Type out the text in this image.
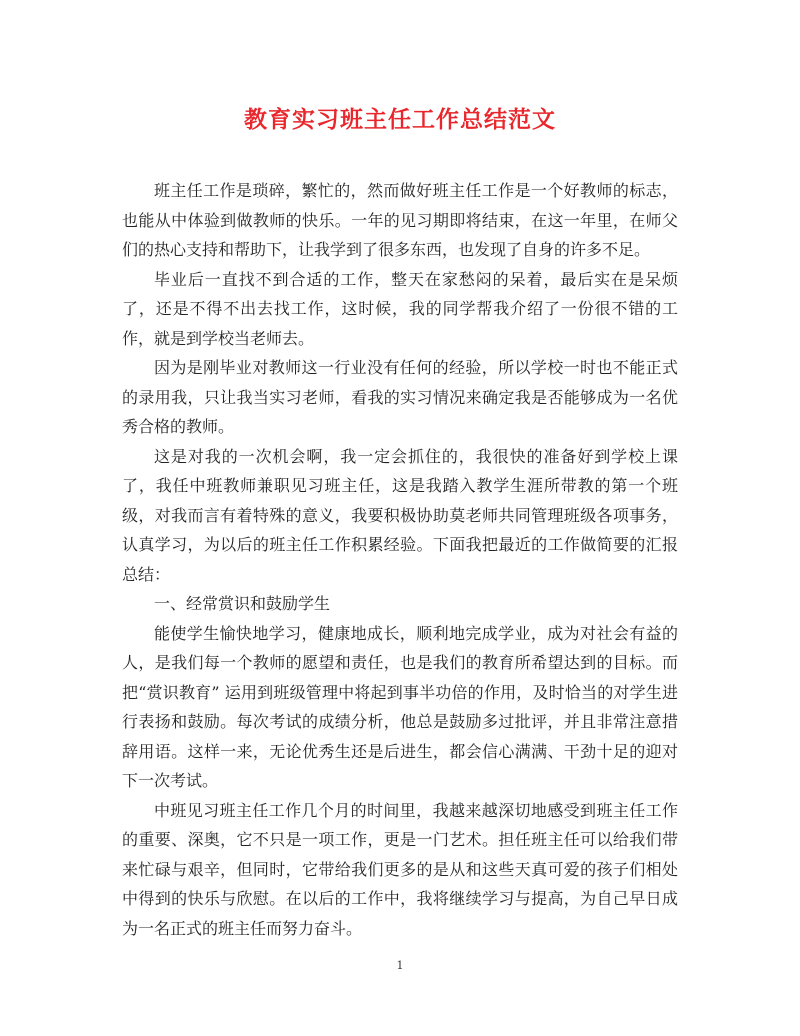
教育实习班主任工作总结范文

班主任工作是琐碎，繁忙的，然而做好班主任工作是一个好教师的标志，也能从中体验到做教师的快乐。一年的见习期即将结束，在这一年里，在师父们的热心支持和帮助下，让我学到了很多东西，也发现了自身的许多不足。

毕业后一直找不到合适的工作，整天在家愁闷的呆着，最后实在是呆烦了，还是不得不出去找工作，这时候，我的同学帮我介绍了一份很不错的工作，就是到学校当老师去。

因为是刚毕业对教师这一行业没有任何的经验，所以学校一时也不能正式的录用我，只让我当实习老师，看我的实习情况来确定我是否能够成为一名优秀合格的教师。

这是对我的一次机会啊，我一定会抓住的，我很快的准备好到学校上课了，我任中班教师兼职见习班主任，这是我踏入教学生涯所带教的第一个班级，对我而言有着特殊的意义，我要积极协助莫老师共同管理班级各项事务，认真学习，为以后的班主任工作积累经验。下面我把最近的工作做简要的汇报总结：

一、经常赏识和鼓励学生

能使学生愉快地学习，健康地成长，顺利地完成学业，成为对社会有益的人，是我们每一个教师的愿望和责任，也是我们的教育所希望达到的目标。而把“赏识教育” 运用到班级管理中将起到事半功倍的作用，及时恰当的对学生进行表扬和鼓励。每次考试的成绩分析，他总是鼓励多过批评，并且非常注意措辞用语。这样一来，无论优秀生还是后进生，都会信心满满、干劲十足的迎对下一次考试。

中班见习班主任工作几个月的时间里，我越来越深切地感受到班主任工作的重要、深奥，它不只是一项工作，更是一门艺术。担任班主任可以给我们带来忙碌与艰辛，但同时，它带给我们更多的是从和这些天真可爱的孩子们相处中得到的快乐与欣慰。在以后的工作中，我将继续学习与提高，为自己早日成为一名正式的班主任而努力奋斗。

1
